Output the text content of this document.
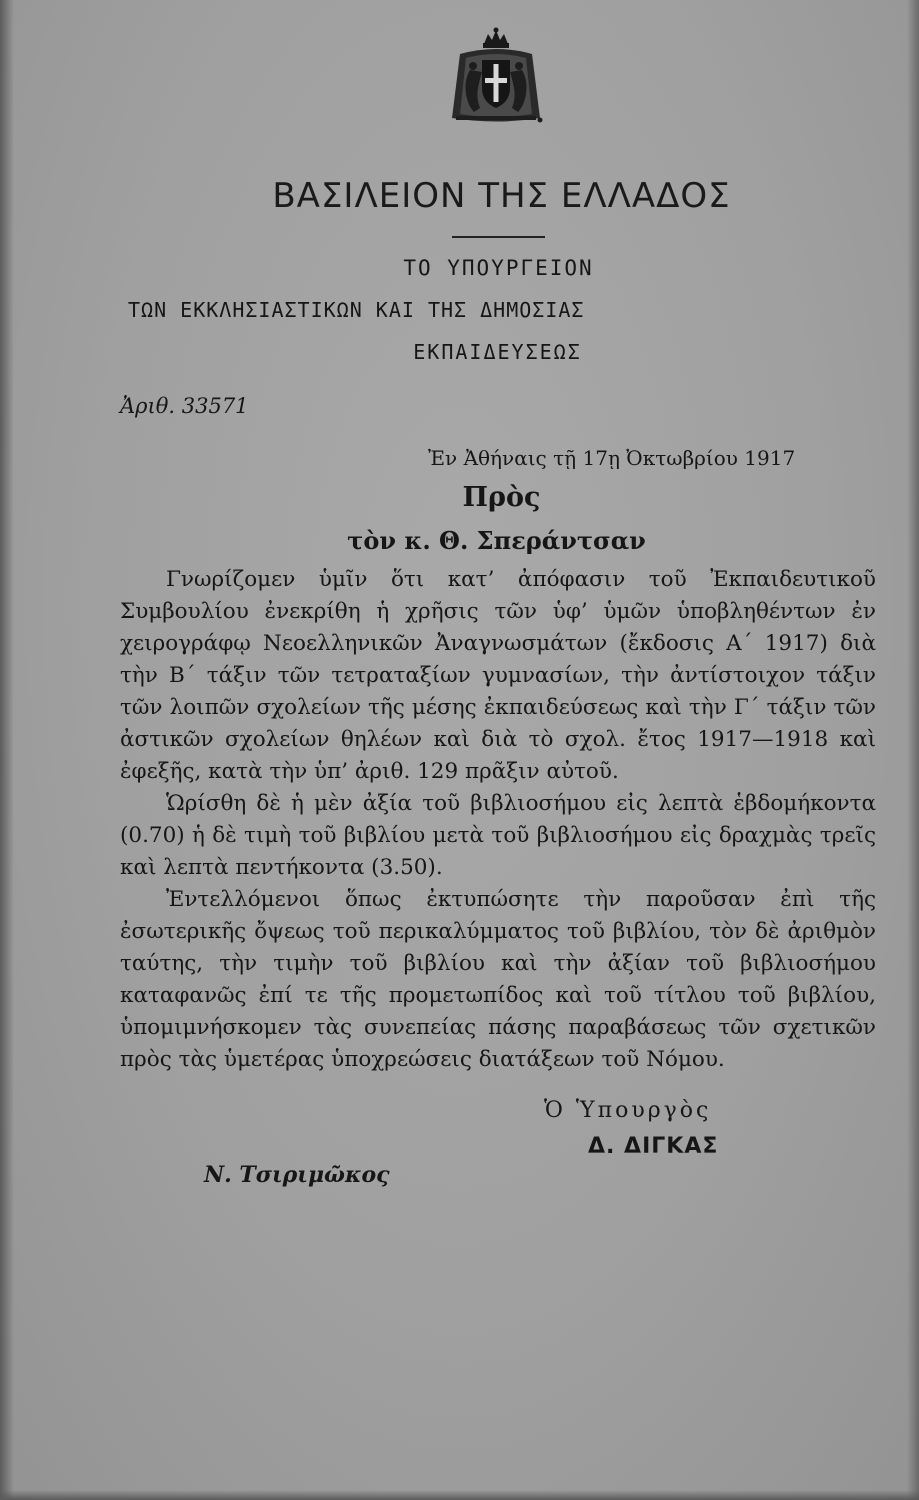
ΒΑΣΙΛΕΙΟΝ ΤΗΣ ΕΛΛΑΔΟΣ
ΤΟ ΥΠΟΥΡΓΕΙΟΝ
ΤΩΝ ΕΚΚΛΗΣΙΑΣΤΙΚΩΝ ΚΑΙ ΤΗΣ ΔΗΜΟΣΙΑΣ
ΕΚΠΑΙΔΕΥΣΕΩΣ
Ἀριθ. 33571
Ἐν Ἀθήναις τῇ 17ῃ Ὀκτωβρίου 1917
Πρὸς
τὸν κ. Θ. Σπεράντσαν

Γνωρίζομεν ὑμῖν ὅτι κατ’ ἀπόφασιν τοῦ Ἐκπαιδευτικοῦ Συμβουλίου ἐνεκρίθη ἡ χρῆσις τῶν ὑφ’ ὑμῶν ὑποβληθέντων ἐν χειρογράφῳ Νεοελληνικῶν Ἀναγνωσμάτων (ἔκδοσις Α΄ 1917) διὰ τὴν Β΄ τάξιν τῶν τετραταξίων γυμνασίων, τὴν ἀντίστοιχον τάξιν τῶν λοιπῶν σχολείων τῆς μέσης ἐκπαιδεύσεως καὶ τὴν Γ΄ τάξιν τῶν ἀστικῶν σχολείων θηλέων καὶ διὰ τὸ σχολ. ἔτος 1917—1918 καὶ ἐφεξῆς, κατὰ τὴν ὑπ’ ἀριθ. 129 πρᾶξιν αὐτοῦ.

Ὡρίσθη δὲ ἡ μὲν ἀξία τοῦ βιβλιοσήμου εἰς λεπτὰ ἑβδομήκοντα (0.70) ἡ δὲ τιμὴ τοῦ βιβλίου μετὰ τοῦ βιβλιοσήμου εἰς δραχμὰς τρεῖς καὶ λεπτὰ πεντήκοντα (3.50).

Ἐντελλόμενοι ὅπως ἐκτυπώσητε τὴν παροῦσαν ἐπὶ τῆς ἐσωτερικῆς ὄψεως τοῦ περικαλύμματος τοῦ βιβλίου, τὸν δὲ ἀριθμὸν ταύτης, τὴν τιμὴν τοῦ βιβλίου καὶ τὴν ἀξίαν τοῦ βιβλιοσήμου καταφανῶς ἐπί τε τῆς προμετωπίδος καὶ τοῦ τίτλου τοῦ βιβλίου, ὑπομιμνήσκομεν τὰς συνεπείας πάσης παραβάσεως τῶν σχετικῶν πρὸς τὰς ὑμετέρας ὑποχρεώσεις διατάξεων τοῦ Νόμου.

Ὁ Ὑπουργὸς
Δ. ΔΙΓΚΑΣ
Ν. Τσιριμῶκος
